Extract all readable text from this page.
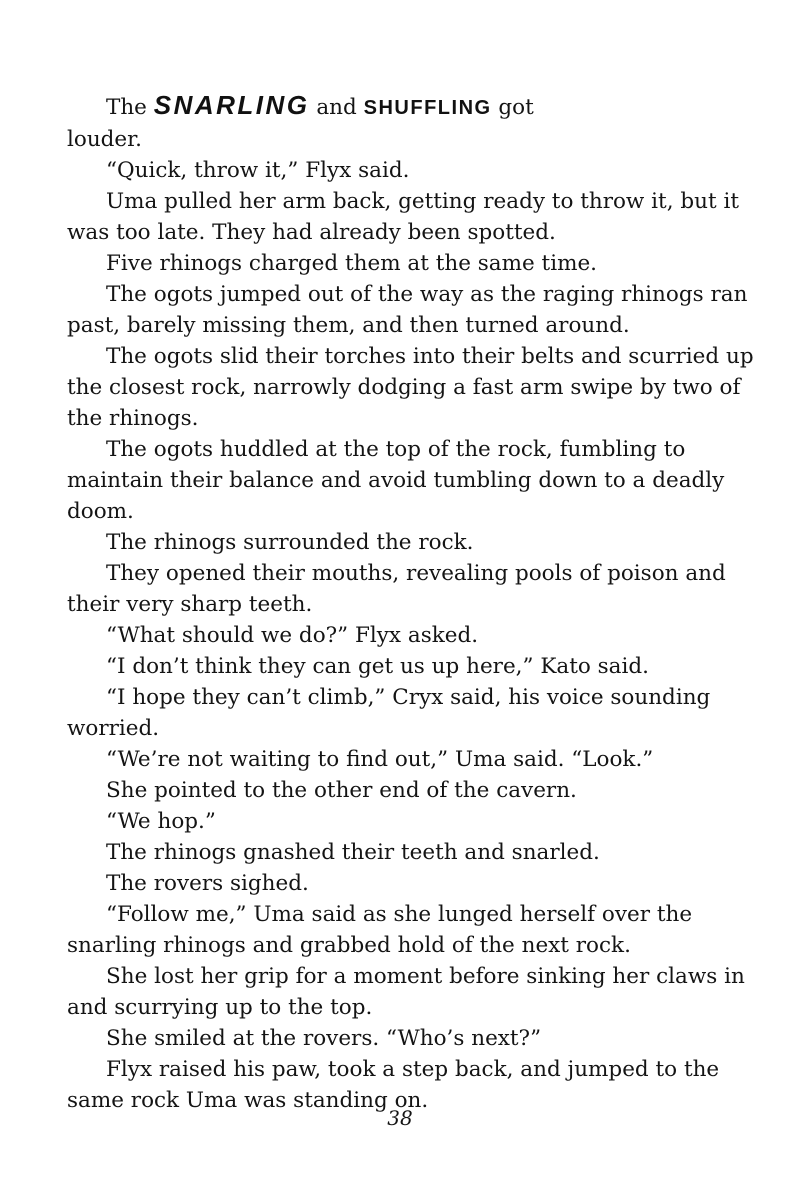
The SNARLING and SHUFFLING got
louder.
“Quick, throw it,” Flyx said.
Uma pulled her arm back, getting ready to throw it, but it
was too late. They had already been spotted.
Five rhinogs charged them at the same time.
The ogots jumped out of the way as the raging rhinogs ran
past, barely missing them, and then turned around.
The ogots slid their torches into their belts and scurried up
the closest rock, narrowly dodging a fast arm swipe by two of
the rhinogs.
The ogots huddled at the top of the rock, fumbling to
maintain their balance and avoid tumbling down to a deadly
doom.
The rhinogs surrounded the rock.
They opened their mouths, revealing pools of poison and
their very sharp teeth.
“What should we do?” Flyx asked.
“I don’t think they can get us up here,” Kato said.
“I hope they can’t climb,” Cryx said, his voice sounding
worried.
“We’re not waiting to find out,” Uma said. “Look.”
She pointed to the other end of the cavern.
“We hop.”
The rhinogs gnashed their teeth and snarled.
The rovers sighed.
“Follow me,” Uma said as she lunged herself over the
snarling rhinogs and grabbed hold of the next rock.
She lost her grip for a moment before sinking her claws in
and scurrying up to the top.
She smiled at the rovers. “Who’s next?”
Flyx raised his paw, took a step back, and jumped to the
same rock Uma was standing on.
38
